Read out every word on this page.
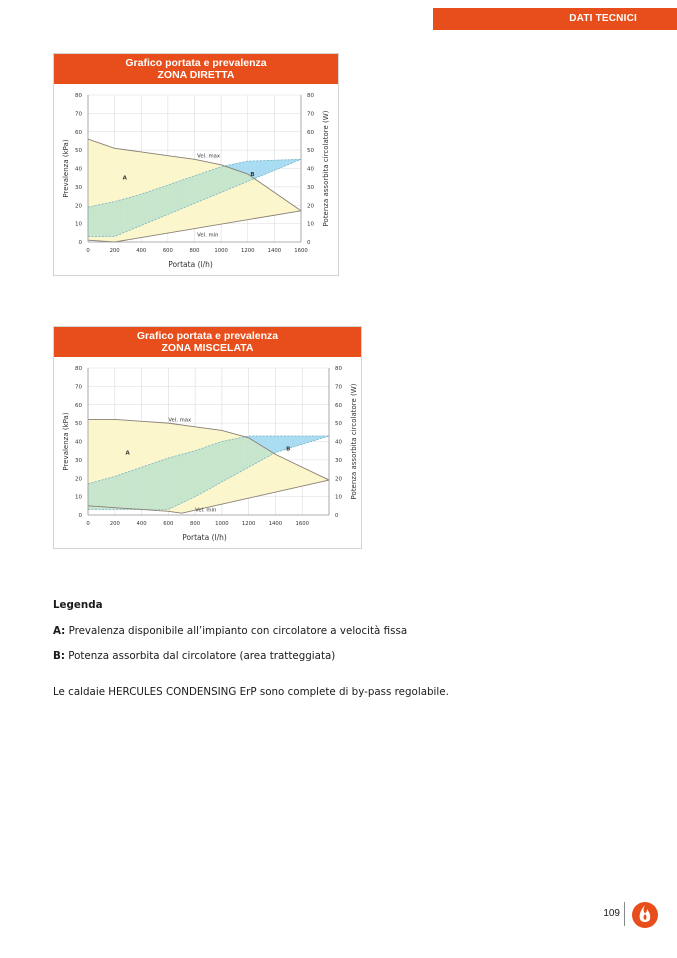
DATI TECNICI
Grafico portata e prevalenza
ZONA DIRETTA
0	0
10	10
20	20
30	30
40	40
50	50
60	60
70	70
80	80
0	200	400	600	800	1000 1200 1400 1600
Prevalenza (kPa)	Potenza assorbita circolatore (W)
Portata (l/h)
A
B
Vel. max
Vel. min
Grafico portata e prevalenza
ZONA MISCELATA
0	0
10	10
20	20
30	30
40	40
50	50
60	60
70	70
80	80
0	200	400	600	800	1000	1200	1400	1600
Prevalenza (kPa)	Potenza assorbita circolatore (W)
Portata (l/h)
A
B
Vel. max
Vel. min
Legenda
A: Prevalenza disponibile all’impianto con circolatore a velocità fissa
B: Potenza assorbita dal circolatore (area tratteggiata)
Le caldaie HERCULES CONDENSING ErP sono complete di by-pass regolabile.
109
